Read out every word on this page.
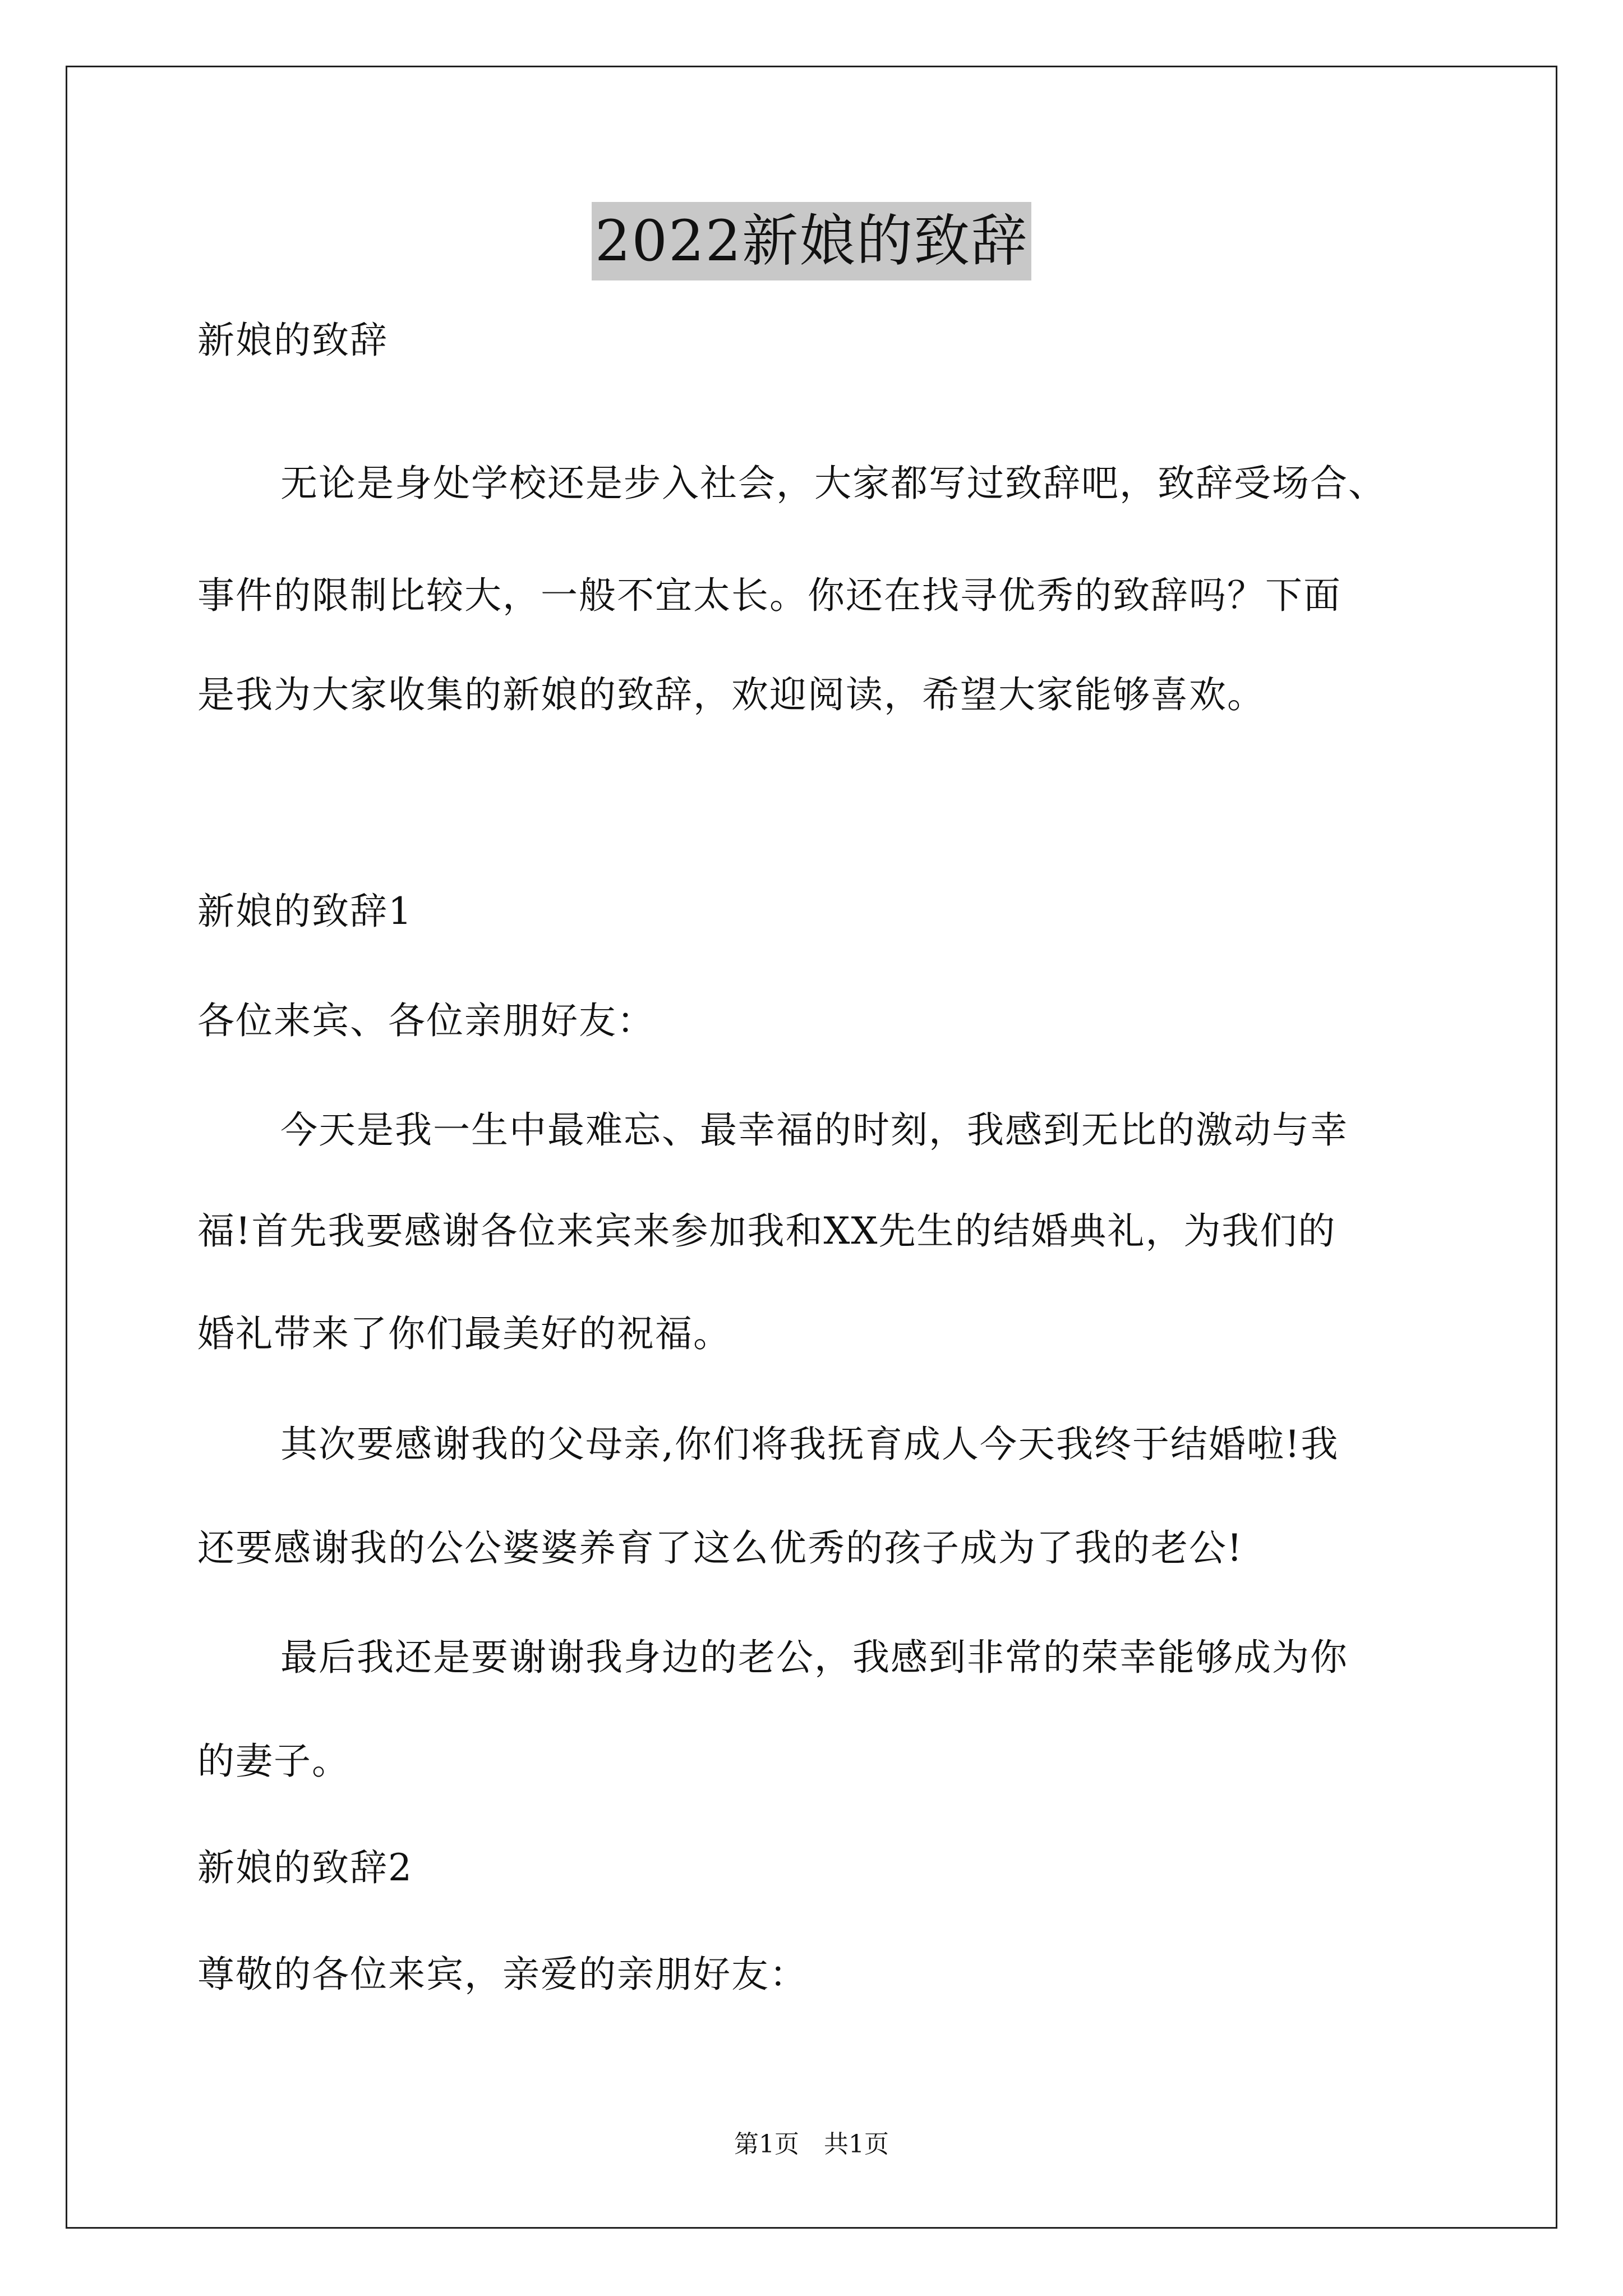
2022新娘的致辞
新娘的致辞
无论是身处学校还是步入社会，大家都写过致辞吧，致辞受场合、
事件的限制比较大，一般不宜太长。你还在找寻优秀的致辞吗？下面
是我为大家收集的新娘的致辞，欢迎阅读，希望大家能够喜欢。
新娘的致辞1
各位来宾、各位亲朋好友：
今天是我一生中最难忘、最幸福的时刻，我感到无比的激动与幸
福!首先我要感谢各位来宾来参加我和XX先生的结婚典礼，为我们的
婚礼带来了你们最美好的祝福。
其次要感谢我的父母亲,你们将我抚育成人今天我终于结婚啦!我
还要感谢我的公公婆婆养育了这么优秀的孩子成为了我的老公!
最后我还是要谢谢我身边的老公，我感到非常的荣幸能够成为你
的妻子。
新娘的致辞2
尊敬的各位来宾，亲爱的亲朋好友：
第1页　共1页
